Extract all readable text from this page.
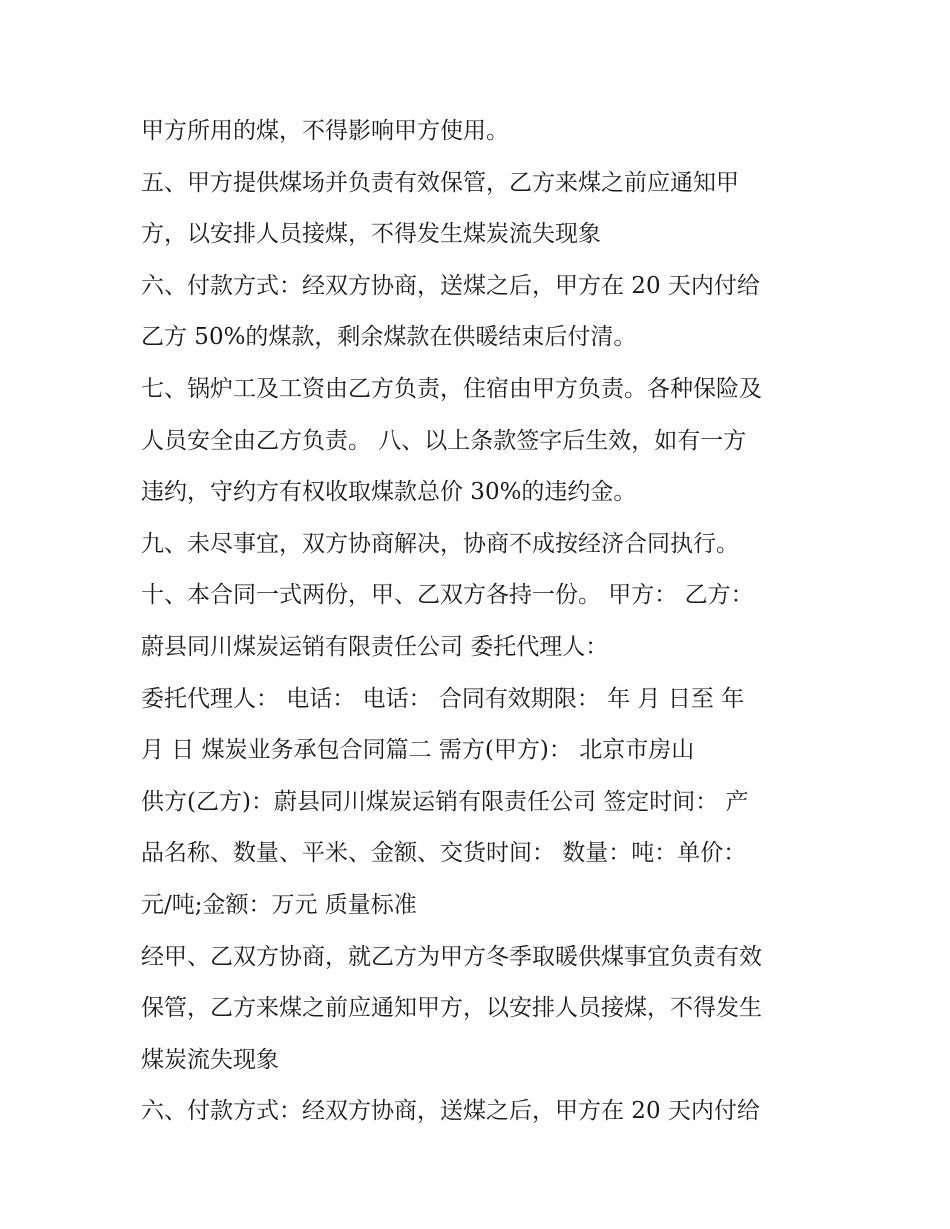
甲方所用的煤，不得影响甲方使用。
五、甲方提供煤场并负责有效保管，乙方来煤之前应通知甲
方，以安排人员接煤，不得发生煤炭流失现象
六、付款方式：经双方协商，送煤之后，甲方在 20 天内付给
乙方 50%的煤款，剩余煤款在供暖结束后付清。
七、锅炉工及工资由乙方负责，住宿由甲方负责。各种保险及
人员安全由乙方负责。 八、以上条款签字后生效，如有一方
违约，守约方有权收取煤款总价 30%的违约金。
九、未尽事宜，双方协商解决，协商不成按经济合同执行。
十、本合同一式两份，甲、乙双方各持一份。 甲方： 乙方：
蔚县同川煤炭运销有限责任公司 委托代理人：
委托代理人： 电话： 电话： 合同有效期限： 年 月 日至 年
月 日 煤炭业务承包合同篇二 需方(甲方)： 北京市房山
供方(乙方)：蔚县同川煤炭运销有限责任公司 签定时间： 产
品名称、数量、平米、金额、交货时间： 数量：吨：单价：
元/吨;金额：万元 质量标准
经甲、乙双方协商，就乙方为甲方冬季取暖供煤事宜负责有效
保管，乙方来煤之前应通知甲方，以安排人员接煤，不得发生
煤炭流失现象
六、付款方式：经双方协商，送煤之后，甲方在 20 天内付给
